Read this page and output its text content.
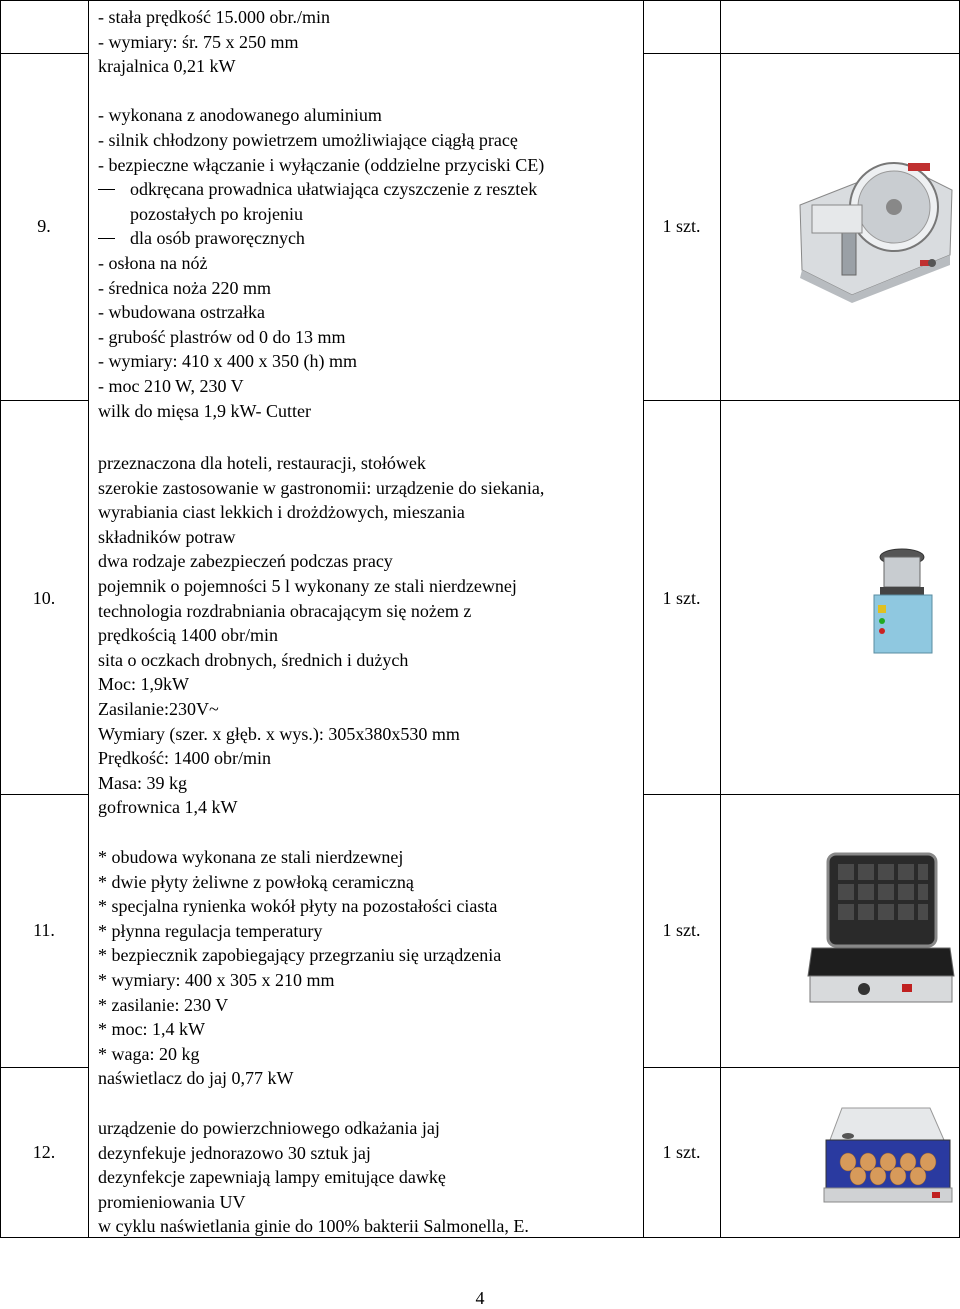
9.
10.
11.
12.
1 szt.
1 szt.
1 szt.
1 szt.
- stała prędkość 15.000 obr./min
- wymiary: śr. 75 x 250 mm
krajalnica 0,21 kW
- wykonana z anodowanego aluminium
- silnik chłodzony powietrzem umożliwiające ciągłą pracę
- bezpieczne włączanie i wyłączanie (oddzielne przyciski CE)
odkręcana prowadnica ułatwiająca czyszczenie z resztek
pozostałych po krojeniu
dla osób praworęcznych
- osłona na nóż
- średnica noża 220 mm
- wbudowana ostrzałka
- grubość plastrów od 0 do 13 mm
- wymiary: 410 x 400 x 350 (h) mm
- moc 210 W, 230 V
wilk do mięsa 1,9 kW- Cutter
przeznaczona dla hoteli, restauracji, stołówek
szerokie zastosowanie w gastronomii: urządzenie do siekania,
wyrabiania ciast lekkich i drożdżowych, mieszania
składników potraw
dwa rodzaje zabezpieczeń podczas pracy
pojemnik o pojemności 5 l wykonany ze stali nierdzewnej
technologia rozdrabniania obracającym się nożem z
prędkością 1400 obr/min
sita o oczkach drobnych, średnich i dużych
Moc: 1,9kW
Zasilanie:230V~
Wymiary (szer. x głęb. x wys.): 305x380x530 mm
Prędkość: 1400 obr/min
Masa: 39 kg
gofrownica 1,4 kW
* obudowa wykonana ze stali nierdzewnej
* dwie płyty żeliwne z powłoką ceramiczną
* specjalna rynienka wokół płyty na pozostałości ciasta
* płynna regulacja temperatury
* bezpiecznik zapobiegający przegrzaniu się urządzenia
* wymiary: 400 x 305 x 210 mm
* zasilanie: 230 V
* moc: 1,4 kW
* waga: 20 kg
naświetlacz do jaj 0,77 kW
urządzenie do powierzchniowego odkażania jaj
dezynfekuje jednorazowo 30 sztuk jaj
dezynfekcje zapewniają lampy emitujące dawkę
promieniowania UV
w cyklu naświetlania ginie do 100% bakterii Salmonella, E.
4
